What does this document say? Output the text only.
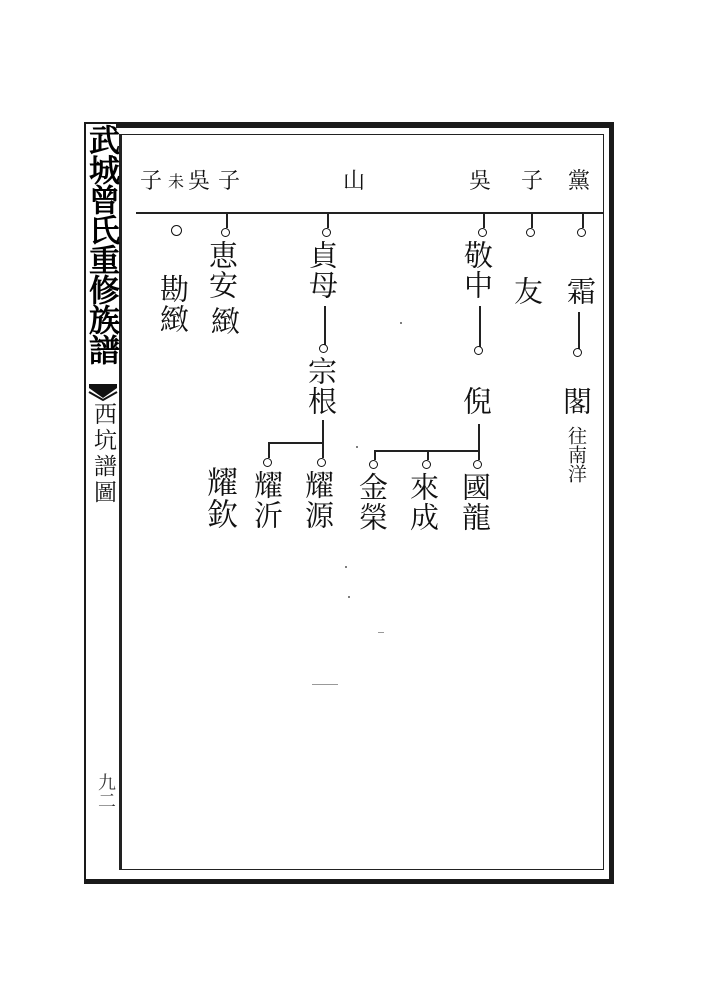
武城曾氏重修族譜
西坑譜圖
九二
黨
子
吳
山
子
吳
未
子
霜
閣
往南洋
友
敬中
倪
國龍
來成
金榮
貞母
宗根
耀源
耀沂
耀欽
恵安
緻
勘緻
